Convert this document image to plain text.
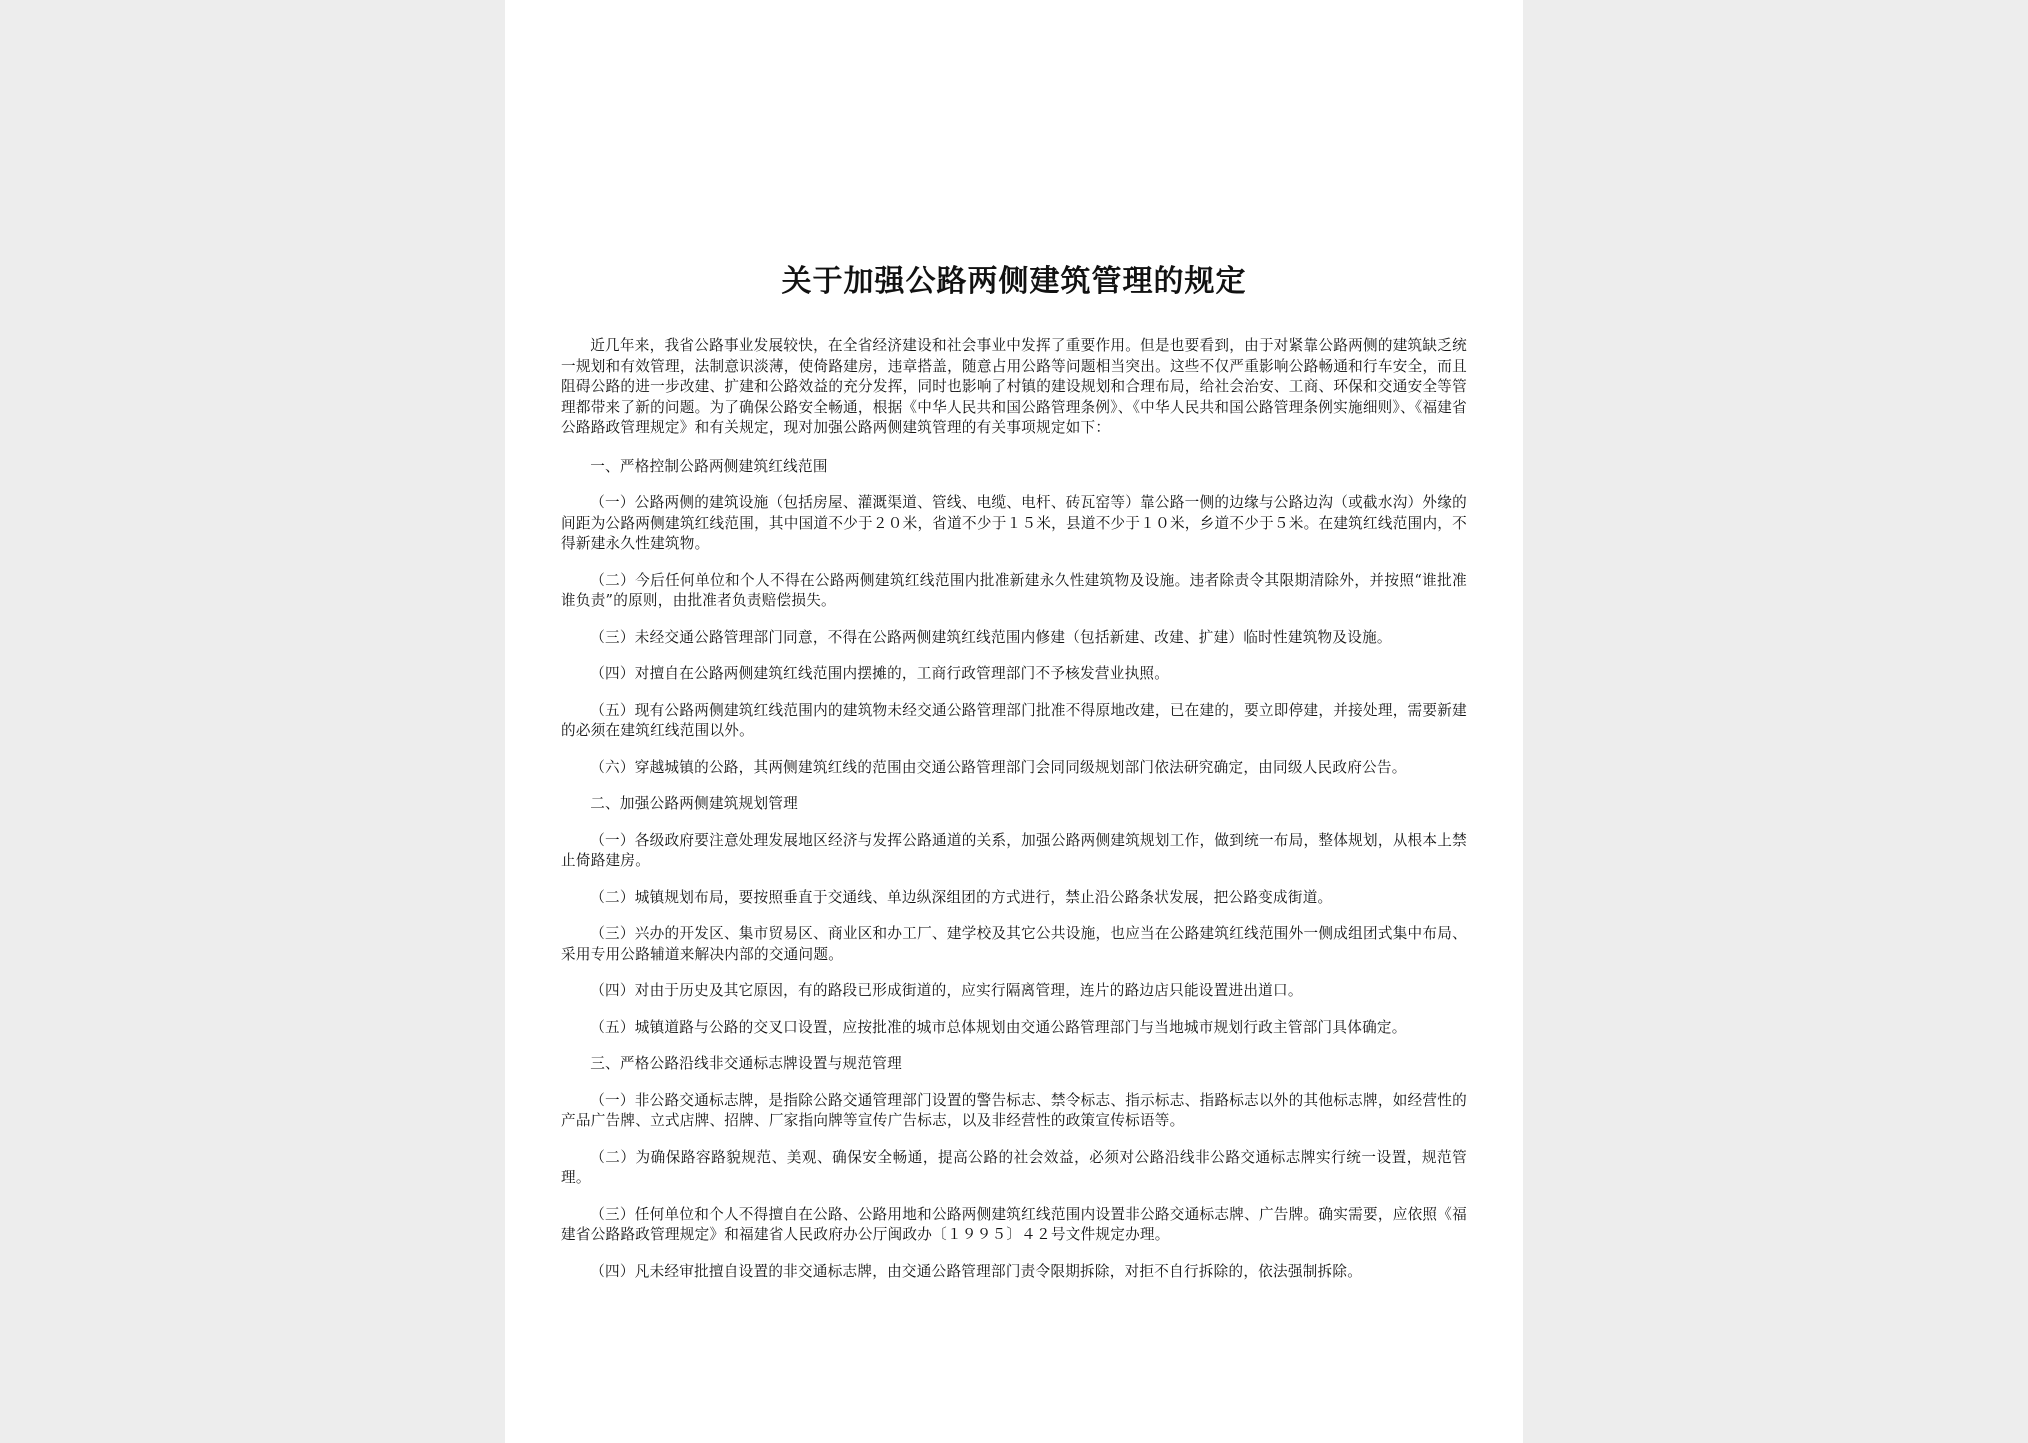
关于加强公路两侧建筑管理的规定

近几年来，我省公路事业发展较快，在全省经济建设和社会事业中发挥了重要作用。但是也要看到，由于对紧靠公路两侧的建筑缺乏统一规划和有效管理，法制意识淡薄，使倚路建房，违章搭盖，随意占用公路等问题相当突出。这些不仅严重影响公路畅通和行车安全，而且阻碍公路的进一步改建、扩建和公路效益的充分发挥，同时也影响了村镇的建设规划和合理布局，给社会治安、工商、环保和交通安全等管理都带来了新的问题。为了确保公路安全畅通，根据《中华人民共和国公路管理条例》、《中华人民共和国公路管理条例实施细则》、《福建省公路路政管理规定》和有关规定，现对加强公路两侧建筑管理的有关事项规定如下：

一、严格控制公路两侧建筑红线范围

（一）公路两侧的建筑设施（包括房屋、灌溉渠道、管线、电缆、电杆、砖瓦窑等）靠公路一侧的边缘与公路边沟（或截水沟）外缘的间距为公路两侧建筑红线范围，其中国道不少于２０米，省道不少于１５米，县道不少于１０米，乡道不少于５米。在建筑红线范围内，不得新建永久性建筑物。

（二）今后任何单位和个人不得在公路两侧建筑红线范围内批准新建永久性建筑物及设施。违者除责令其限期清除外，并按照“谁批准谁负责”的原则，由批准者负责赔偿损失。

（三）未经交通公路管理部门同意，不得在公路两侧建筑红线范围内修建（包括新建、改建、扩建）临时性建筑物及设施。

（四）对擅自在公路两侧建筑红线范围内摆摊的，工商行政管理部门不予核发营业执照。

（五）现有公路两侧建筑红线范围内的建筑物未经交通公路管理部门批准不得原地改建，已在建的，要立即停建，并接处理，需要新建的必须在建筑红线范围以外。

（六）穿越城镇的公路，其两侧建筑红线的范围由交通公路管理部门会同同级规划部门依法研究确定，由同级人民政府公告。

二、加强公路两侧建筑规划管理

（一）各级政府要注意处理发展地区经济与发挥公路通道的关系，加强公路两侧建筑规划工作，做到统一布局，整体规划，从根本上禁止倚路建房。

（二）城镇规划布局，要按照垂直于交通线、单边纵深组团的方式进行，禁止沿公路条状发展，把公路变成街道。

（三）兴办的开发区、集市贸易区、商业区和办工厂、建学校及其它公共设施，也应当在公路建筑红线范围外一侧成组团式集中布局、采用专用公路辅道来解决内部的交通问题。

（四）对由于历史及其它原因，有的路段已形成街道的，应实行隔离管理，连片的路边店只能设置进出道口。

（五）城镇道路与公路的交叉口设置，应按批准的城市总体规划由交通公路管理部门与当地城市规划行政主管部门具体确定。

三、严格公路沿线非交通标志牌设置与规范管理

（一）非公路交通标志牌，是指除公路交通管理部门设置的警告标志、禁令标志、指示标志、指路标志以外的其他标志牌，如经营性的产品广告牌、立式店牌、招牌、厂家指向牌等宣传广告标志，以及非经营性的政策宣传标语等。

（二）为确保路容路貌规范、美观、确保安全畅通，提高公路的社会效益，必须对公路沿线非公路交通标志牌实行统一设置，规范管理。

（三）任何单位和个人不得擅自在公路、公路用地和公路两侧建筑红线范围内设置非公路交通标志牌、广告牌。确实需要，应依照《福建省公路路政管理规定》和福建省人民政府办公厅闽政办〔１９９５〕４２号文件规定办理。

（四）凡未经审批擅自设置的非交通标志牌，由交通公路管理部门责令限期拆除，对拒不自行拆除的，依法强制拆除。
